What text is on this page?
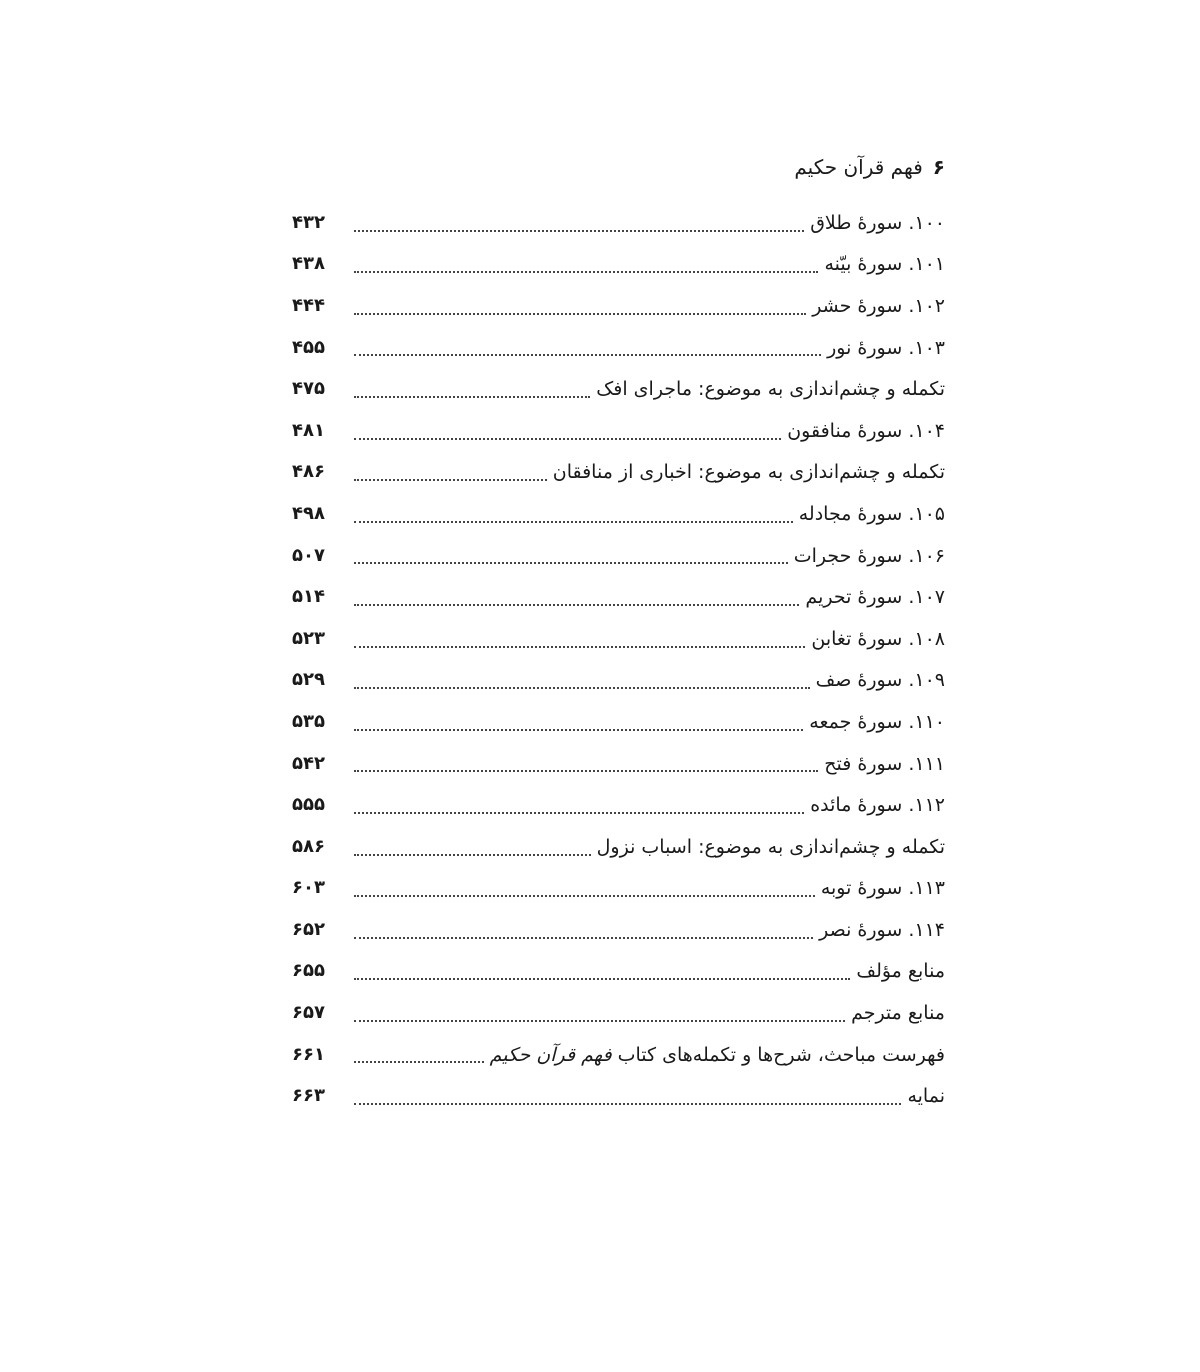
۶فهم قرآن حکیم
۱۰۰. سورهٔ طلاق
۴۳۲
۱۰۱. سورهٔ بیّنه
۴۳۸
۱۰۲. سورهٔ حشر
۴۴۴
۱۰۳. سورهٔ نور
۴۵۵
تکمله و چشم‌اندازی به موضوع: ماجرای افک
۴۷۵
۱۰۴. سورهٔ منافقون
۴۸۱
تکمله و چشم‌اندازی به موضوع: اخباری از منافقان
۴۸۶
۱۰۵. سورهٔ مجادله
۴۹۸
۱۰۶. سورهٔ حجرات
۵۰۷
۱۰۷. سورهٔ تحریم
۵۱۴
۱۰۸. سورهٔ تغابن
۵۲۳
۱۰۹. سورهٔ صف
۵۲۹
۱۱۰. سورهٔ جمعه
۵۳۵
۱۱۱. سورهٔ فتح
۵۴۲
۱۱۲. سورهٔ مائده
۵۵۵
تکمله و چشم‌اندازی به موضوع: اسباب نزول
۵۸۶
۱۱۳. سورهٔ توبه
۶۰۳
۱۱۴. سورهٔ نصر
۶۵۲
منابع مؤلف
۶۵۵
منابع مترجم
۶۵۷
فهرست مباحث، شرح‌ها و تکمله‌های کتاب فهم قرآن حکیم
۶۶۱
نمایه
۶۶۳
